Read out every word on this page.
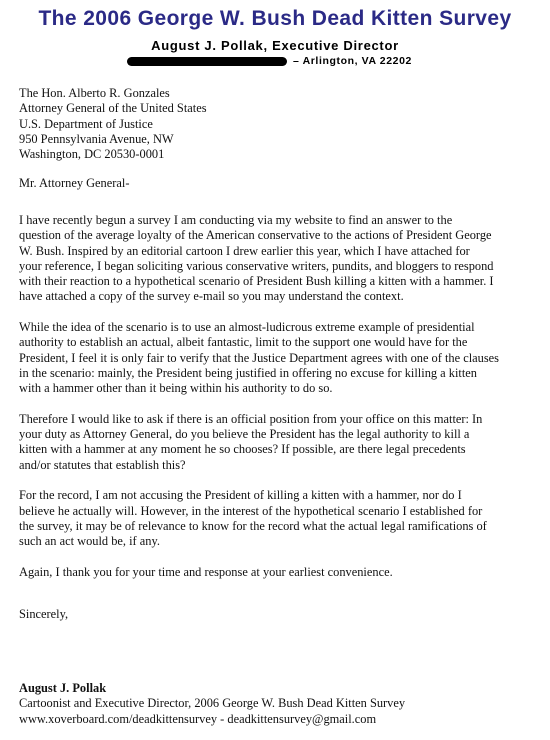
The 2006 George W. Bush Dead Kitten Survey
August J. Pollak, Executive Director
– Arlington, VA 22202
The Hon. Alberto R. Gonzales
Attorney General of the United States
U.S. Department of Justice
950 Pennsylvania Avenue, NW
Washington, DC 20530-0001
Mr. Attorney General-

I have recently begun a survey I am conducting via my website to find an answer to the
question of the average loyalty of the American conservative to the actions of President George
W. Bush. Inspired by an editorial cartoon I drew earlier this year, which I have attached for
your reference, I began soliciting various conservative writers, pundits, and bloggers to respond
with their reaction to a hypothetical scenario of President Bush killing a kitten with a hammer. I
have attached a copy of the survey e-mail so you may understand the context.

While the idea of the scenario is to use an almost-ludicrous extreme example of presidential
authority to establish an actual, albeit fantastic, limit to the support one would have for the
President, I feel it is only fair to verify that the Justice Department agrees with one of the clauses
in the scenario: mainly, the President being justified in offering no excuse for killing a kitten
with a hammer other than it being within his authority to do so.

Therefore I would like to ask if there is an official position from your office on this matter: In
your duty as Attorney General, do you believe the President has the legal authority to kill a
kitten with a hammer at any moment he so chooses? If possible, are there legal precedents
and/or statutes that establish this?

For the record, I am not accusing the President of killing a kitten with a hammer, nor do I
believe he actually will. However, in the interest of the hypothetical scenario I established for
the survey, it may be of relevance to know for the record what the actual legal ramifications of
such an act would be, if any.

Again, I thank you for your time and response at your earliest convenience.

Sincerely,
August J. Pollak
Cartoonist and Executive Director, 2006 George W. Bush Dead Kitten Survey
www.xoverboard.com/deadkittensurvey - deadkittensurvey@gmail.com
